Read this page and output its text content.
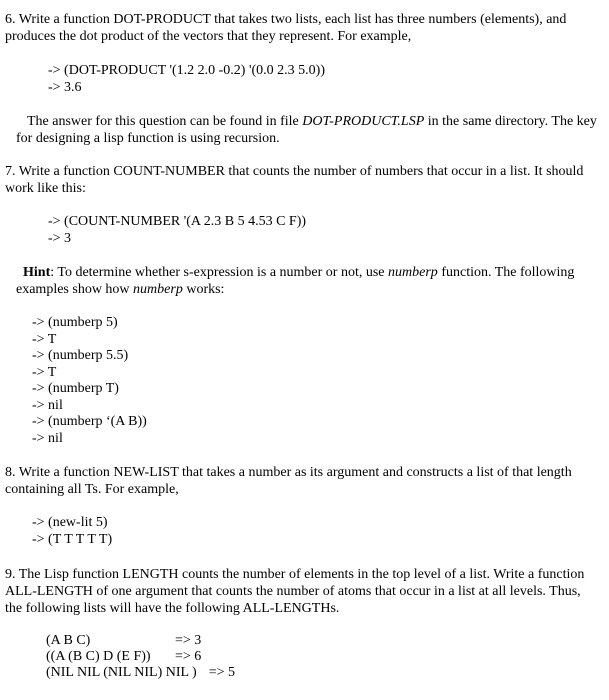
6. Write a function DOT-PRODUCT that takes two lists, each list has three numbers (elements), and produces the dot product of the vectors that they represent. For example,

-> (DOT-PRODUCT '(1.2 2.0 -0.2) '(0.0 2.3 5.0))
-> 3.6

The answer for this question can be found in file DOT-PRODUCT.LSP in the same directory. The key for designing a lisp function is using recursion.

7. Write a function COUNT-NUMBER that counts the number of numbers that occur in a list. It should work like this:

-> (COUNT-NUMBER '(A 2.3 B 5 4.53 C F))
-> 3

Hint: To determine whether s-expression is a number or not, use numberp function. The following examples show how numberp works:

-> (numberp 5)
-> T
-> (numberp 5.5)
-> T
-> (numberp T)
-> nil
-> (numberp ‘(A B))
-> nil

8. Write a function NEW-LIST that takes a number as its argument and constructs a list of that length containing all Ts. For example,

-> (new-lit 5)
-> (T T T T T)

9. The Lisp function LENGTH counts the number of elements in the top level of a list. Write a function ALL-LENGTH of one argument that counts the number of atoms that occur in a list at all levels. Thus, the following lists will have the following ALL-LENGTHs.

(A B C)	=> 3
((A (B C) D (E F)) => 6
(NIL NIL (NIL NIL) NIL ) => 5
